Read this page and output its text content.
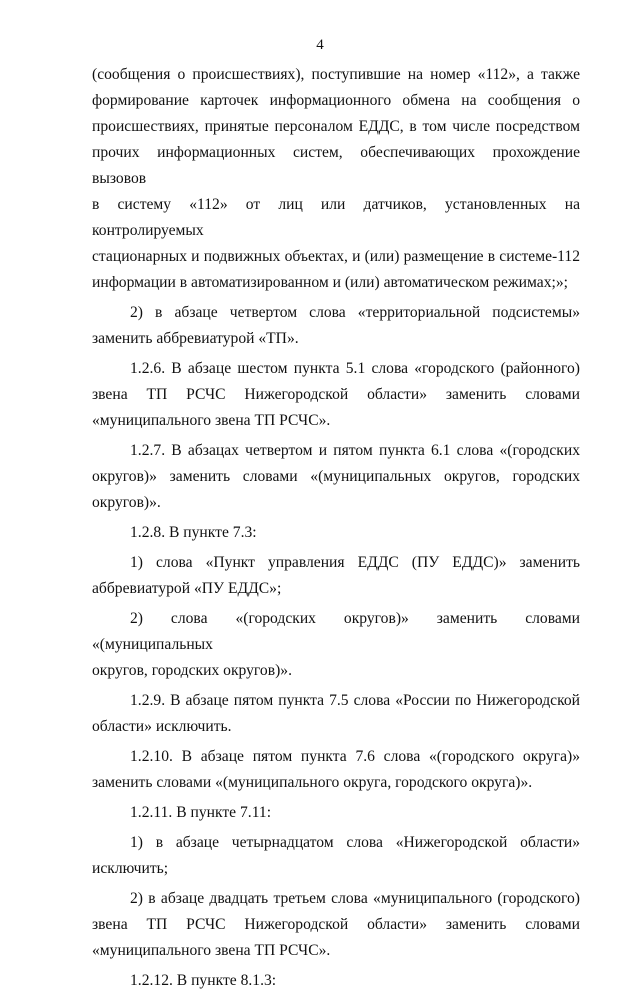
4
(сообщения о происшествиях), поступившие на номер «112», а также
формирование карточек информационного обмена на сообщения о
происшествиях, принятые персоналом ЕДДС, в том числе посредством
прочих информационных систем, обеспечивающих прохождение вызовов
в систему «112» от лиц или датчиков, установленных на контролируемых
стационарных и подвижных объектах, и (или) размещение в системе-112
информации в автоматизированном и (или) автоматическом режимах;»;
2) в абзаце четвертом слова «территориальной подсистемы»
заменить аббревиатурой «ТП».
1.2.6. В абзаце шестом пункта 5.1 слова «городского (районного)
звена ТП РСЧС Нижегородской области» заменить словами
«муниципального звена ТП РСЧС».
1.2.7. В абзацах четвертом и пятом пункта 6.1 слова «(городских
округов)» заменить словами «(муниципальных округов, городских
округов)».
1.2.8. В пункте 7.3:
1) слова «Пункт управления ЕДДС (ПУ ЕДДС)» заменить
аббревиатурой «ПУ ЕДДС»;
2) слова «(городских округов)» заменить словами «(муниципальных
округов, городских округов)».
1.2.9. В абзаце пятом пункта 7.5 слова «России по Нижегородской
области» исключить.
1.2.10. В абзаце пятом пункта 7.6 слова «(городского округа)»
заменить словами «(муниципального округа, городского округа)».
1.2.11. В пункте 7.11:
1) в абзаце четырнадцатом слова «Нижегородской области»
исключить;
2) в абзаце двадцать третьем слова «муниципального (городского)
звена ТП РСЧС Нижегородской области» заменить словами
«муниципального звена ТП РСЧС».
1.2.12. В пункте 8.1.3:
